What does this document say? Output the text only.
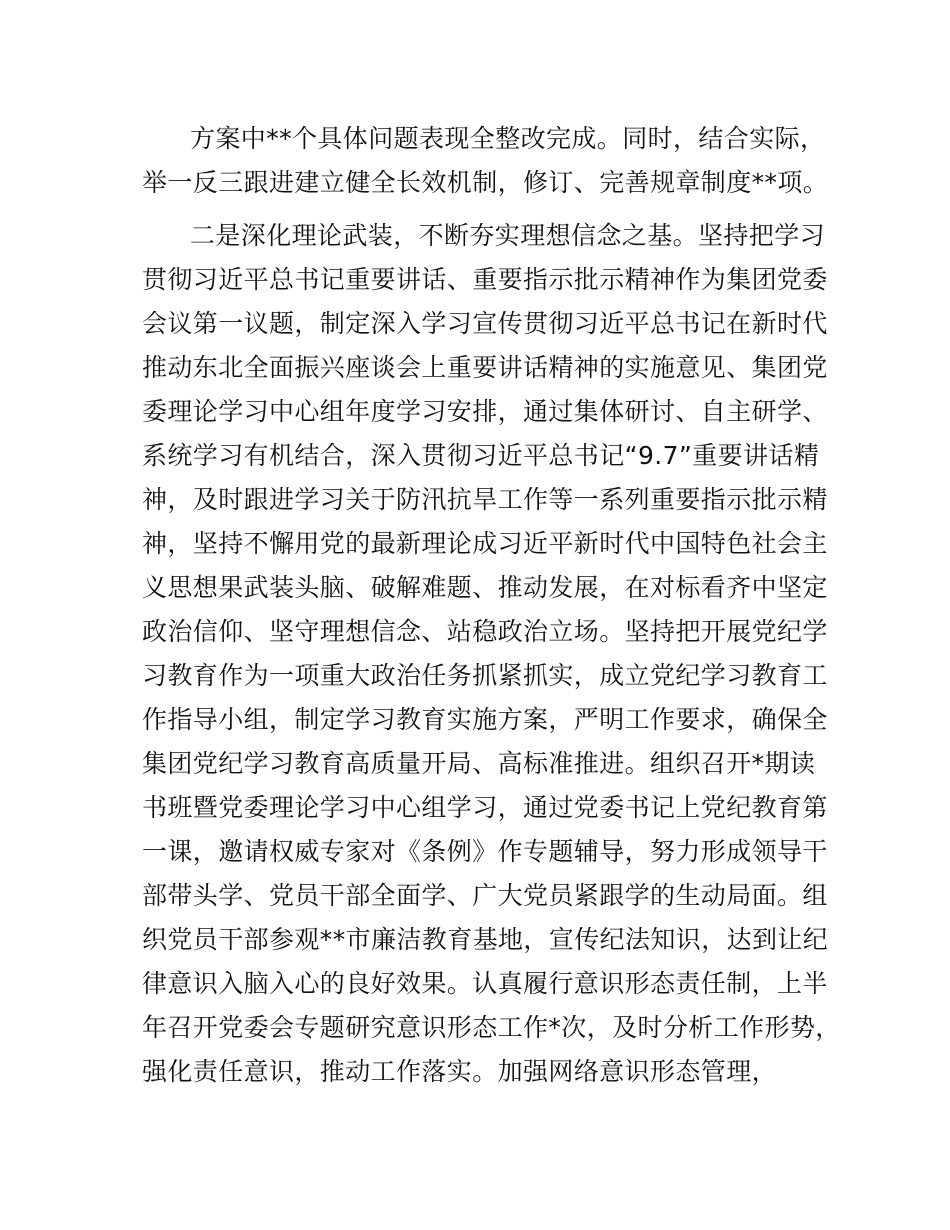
方案中**个具体问题表现全整改完成。同时，结合实际，
举一反三跟进建立健全长效机制，修订、完善规章制度**项。
二是深化理论武装，不断夯实理想信念之基。坚持把学习
贯彻习近平总书记重要讲话、重要指示批示精神作为集团党委
会议第一议题，制定深入学习宣传贯彻习近平总书记在新时代
推动东北全面振兴座谈会上重要讲话精神的实施意见、集团党
委理论学习中心组年度学习安排，通过集体研讨、自主研学、
系统学习有机结合，深入贯彻习近平总书记“9.7”重要讲话精
神，及时跟进学习关于防汛抗旱工作等一系列重要指示批示精
神，坚持不懈用党的最新理论成习近平新时代中国特色社会主
义思想果武装头脑、破解难题、推动发展，在对标看齐中坚定
政治信仰、坚守理想信念、站稳政治立场。坚持把开展党纪学
习教育作为一项重大政治任务抓紧抓实，成立党纪学习教育工
作指导小组，制定学习教育实施方案，严明工作要求，确保全
集团党纪学习教育高质量开局、高标准推进。组织召开*期读
书班暨党委理论学习中心组学习，通过党委书记上党纪教育第
一课，邀请权威专家对《条例》作专题辅导，努力形成领导干
部带头学、党员干部全面学、广大党员紧跟学的生动局面。组
织党员干部参观**市廉洁教育基地，宣传纪法知识，达到让纪
律意识入脑入心的良好效果。认真履行意识形态责任制，上半
年召开党委会专题研究意识形态工作*次，及时分析工作形势，
强化责任意识，推动工作落实。加强网络意识形态管理，
